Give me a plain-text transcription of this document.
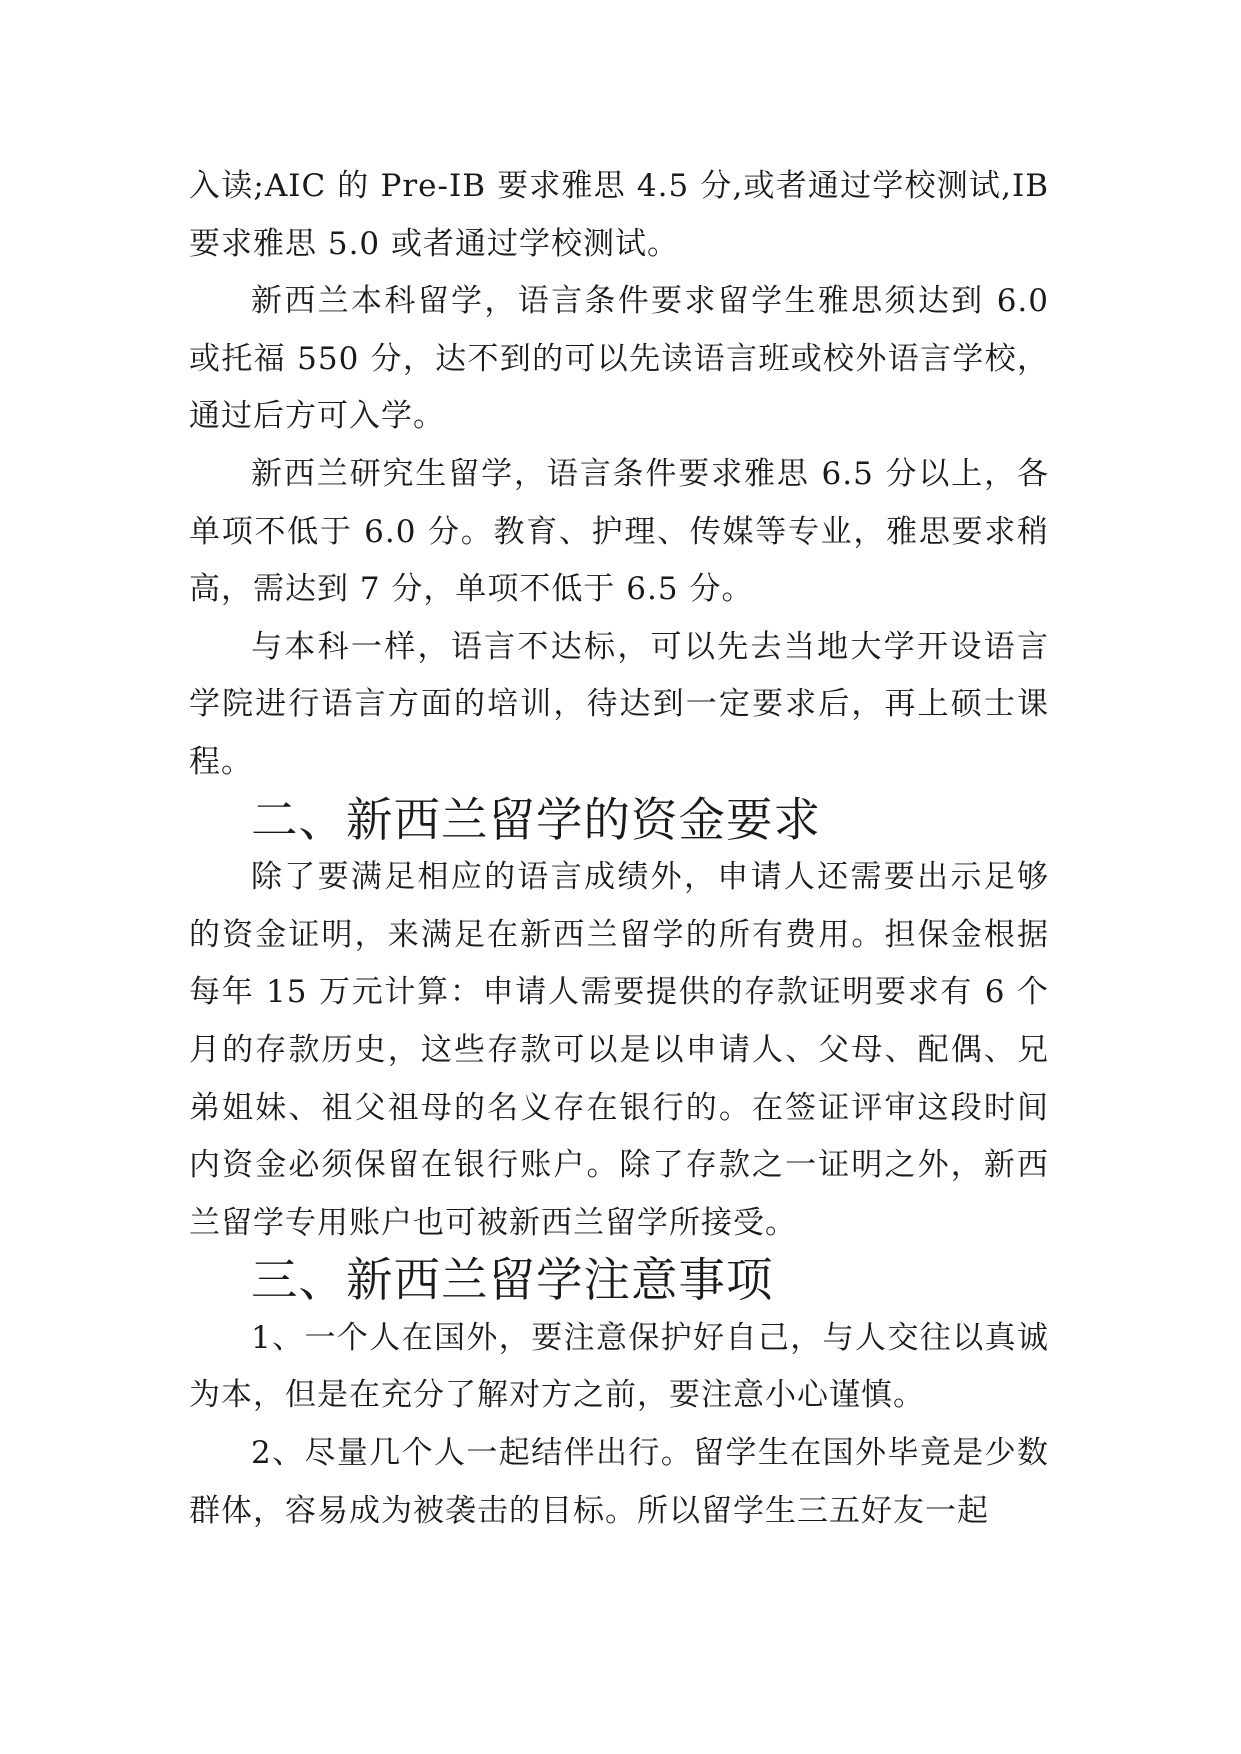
入读;AIC 的 Pre-IB 要求雅思 4.5 分,或者通过学校测试,IB 要求雅思 5.0 或者通过学校测试。

新西兰本科留学，语言条件要求留学生雅思须达到 6.0 或托福 550 分，达不到的可以先读语言班或校外语言学校，通过后方可入学。

新西兰研究生留学，语言条件要求雅思 6.5 分以上，各单项不低于 6.0 分。教育、护理、传媒等专业，雅思要求稍高，需达到 7 分，单项不低于 6.5 分。

与本科一样，语言不达标，可以先去当地大学开设语言学院进行语言方面的培训，待达到一定要求后，再上硕士课程。

二、新西兰留学的资金要求

除了要满足相应的语言成绩外，申请人还需要出示足够的资金证明，来满足在新西兰留学的所有费用。担保金根据每年 15 万元计算：申请人需要提供的存款证明要求有 6 个月的存款历史，这些存款可以是以申请人、父母、配偶、兄弟姐妹、祖父祖母的名义存在银行的。在签证评审这段时间内资金必须保留在银行账户。除了存款之一证明之外，新西兰留学专用账户也可被新西兰留学所接受。

三、新西兰留学注意事项

1、一个人在国外，要注意保护好自己，与人交往以真诚为本，但是在充分了解对方之前，要注意小心谨慎。

2、尽量几个人一起结伴出行。留学生在国外毕竟是少数群体，容易成为被袭击的目标。所以留学生三五好友一起
